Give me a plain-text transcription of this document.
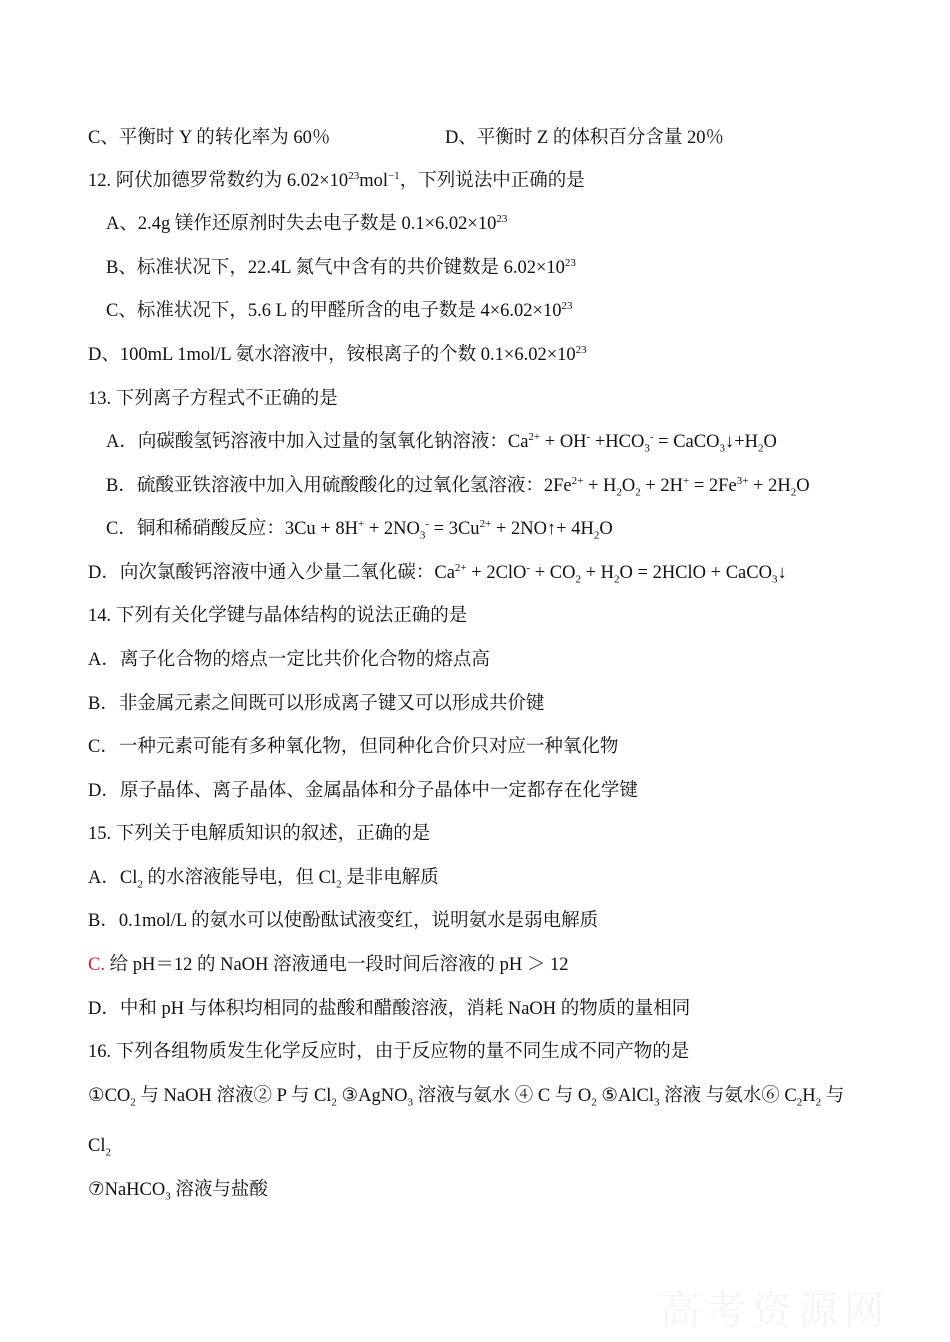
C、平衡时 Y 的转化率为 60％	D、平衡时 Z 的体积百分含量 20％
12. 阿伏加德罗常数约为 $6.02\times 10^{23}mol^{-1}$，下列说法中正确的是
A、2.4g 镁作还原剂时失去电子数是 $0.1\times 6.02\times 10^{23}$
B、标准状况下，22.4L 氮气中含有的共价键数是 $6.02\times 10^{23}$
C、标准状况下，5.6 L 的甲醛所含的电子数是 $4\times 6.02\times 10^{23}$
D、100mL 1mol/L 氨水溶液中，铵根离子的个数 $0.1\times 6.02\times 10^{23}$
13. 下列离子方程式不正确的是
A．向碳酸氢钙溶液中加入过量的氢氧化钠溶液：$Ca^{2+} + OH^- +HCO_3^-$ = $CaCO_3↓+H_2O$
B．硫酸亚铁溶液中加入用硫酸酸化的过氧化氢溶液：$2Fe^{2+} + H_2O_2 + 2H^+ = 2Fe^{3+} + 2H_2O$
C．铜和稀硝酸反应：$3Cu + 8H^+ + 2NO_3^- = 3Cu^{2+}$ + 2NO↑+ $4H_2O$
D．向次氯酸钙溶液中通入少量二氧化碳：$Ca^{2+} + 2ClO^- + CO_2 + H_2O$ = 2HClO + CaCO$_3$↓
14. 下列有关化学键与晶体结构的说法正确的是
A．离子化合物的熔点一定比共价化合物的熔点高
B．非金属元素之间既可以形成离子键又可以形成共价键
C．一种元素可能有多种氧化物，但同种化合价只对应一种氧化物
D．原子晶体、离子晶体、金属晶体和分子晶体中一定都存在化学键
15. 下列关于电解质知识的叙述，正确的是
A．$Cl_2$ 的水溶液能导电，但 $Cl_2$ 是非电解质
B．0.1mol/L 的氨水可以使酚酞试液变红，说明氨水是弱电解质
C. 给 pH＝12 的 NaOH 溶液通电一段时间后溶液的 pH ＞ 12
D．中和 pH 与体积均相同的盐酸和醋酸溶液，消耗 NaOH 的物质的量相同
16. 下列各组物质发生化学反应时，由于反应物的量不同生成不同产物的是
$①CO_2$ 与 NaOH 溶液② P 与 $Cl_2$ ③AgNO$_3$ 溶液与氨水 ④ C 与 $O_2$ ⑤AlCl$_3$ 溶液 与氨水⑥ $C_2H_2$ 与
$Cl_2$
⑦NaHCO$_3$ 溶液与盐酸
高考资源网
